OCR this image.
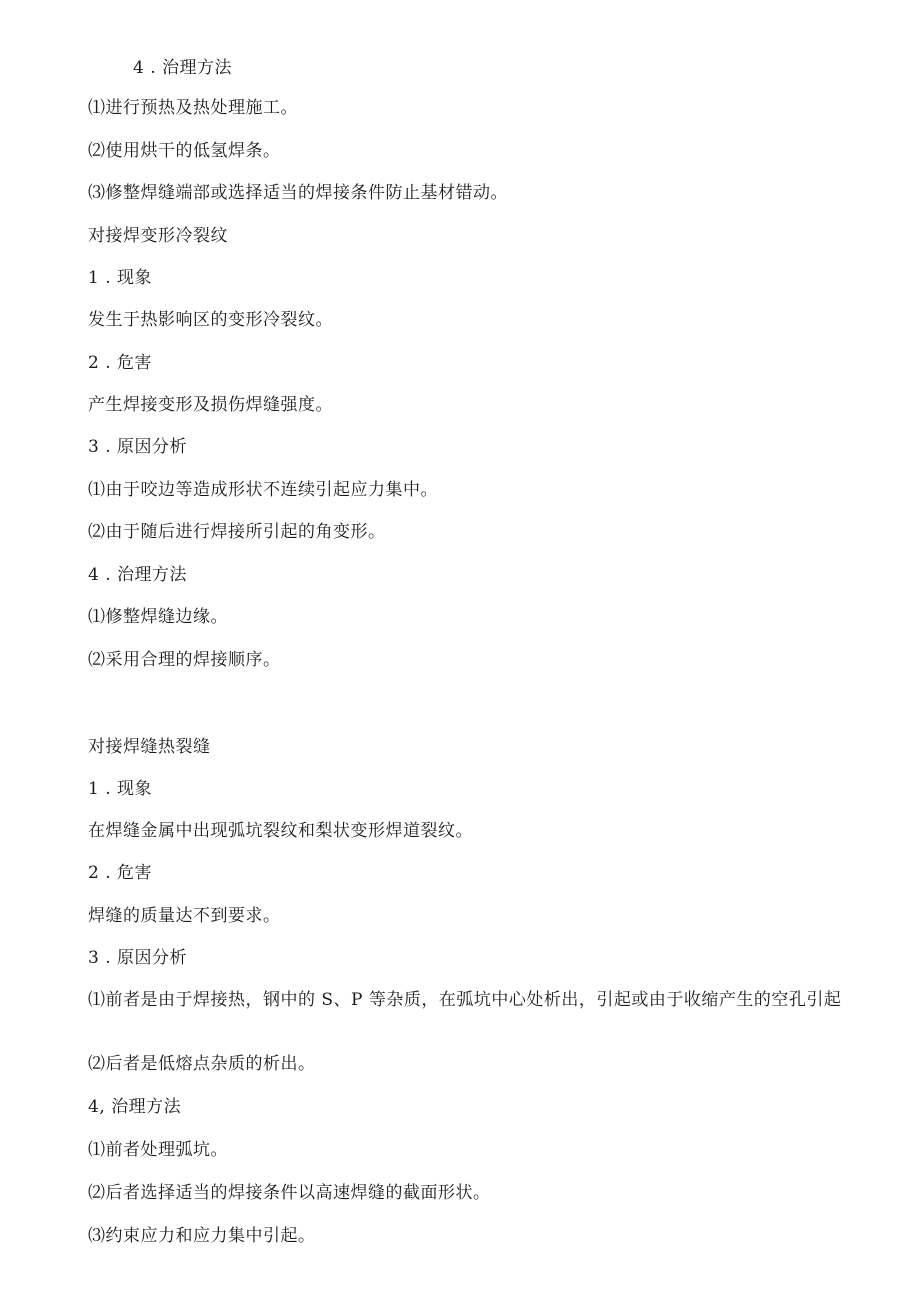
4 . 治理方法
⑴进行预热及热处理施工。
⑵使用烘干的低氢焊条。
⑶修整焊缝端部或选择适当的焊接条件防止基材错动。
对接焊变形冷裂纹
1 . 现象
发生于热影响区的变形冷裂纹。
2 . 危害
产生焊接变形及损伤焊缝强度。
3 . 原因分析
⑴由于咬边等造成形状不连续引起应力集中。
⑵由于随后进行焊接所引起的角变形。
4 . 治理方法
⑴修整焊缝边缘。
⑵采用合理的焊接顺序。
对接焊缝热裂缝
1 . 现象
在焊缝金属中出现弧坑裂纹和梨状变形焊道裂纹。
2 . 危害
焊缝的质量达不到要求。
3 . 原因分析
⑴前者是由于焊接热，钢中的 S、P 等杂质，在弧坑中心处析出，引起或由于收缩产生的空孔引起
⑵后者是低熔点杂质的析出。
4, 治理方法
⑴前者处理弧坑。
⑵后者选择适当的焊接条件以高速焊缝的截面形状。
⑶约束应力和应力集中引起。
